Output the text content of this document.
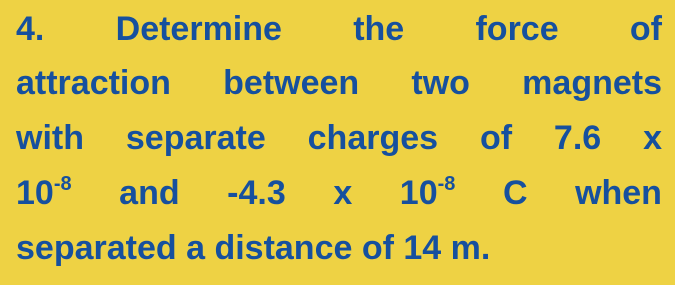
4. Determine the force of
attraction between two magnets
with separate charges of 7.6 x
$10^{-8}$ and -4.3 x $10^{-8}$ C when
separated a distance of 14 m.
